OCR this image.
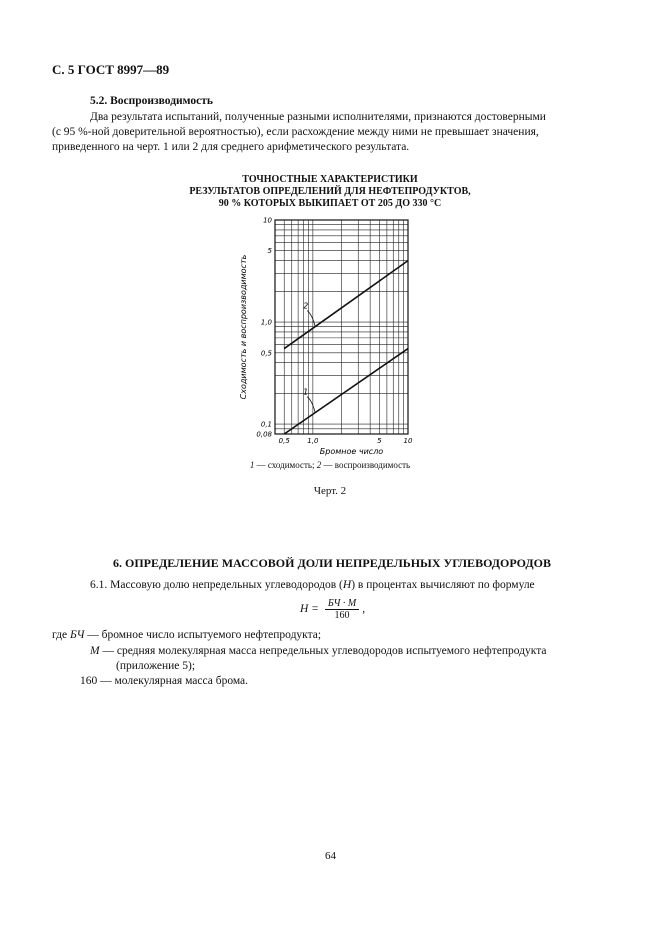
С. 5 ГОСТ 8997—89
5.2. Воспроизводимость
Два результата испытаний, полученные разными исполнителями, признаются достоверными
(с 95 %-ной доверительной вероятностью), если расхождение между ними не превышает значения,
приведенного на черт. 1 или 2 для среднего арифметического результата.
ТОЧНОСТНЫЕ ХАРАКТЕРИСТИКИ
РЕЗУЛЬТАТОВ ОПРЕДЕЛЕНИЙ ДЛЯ НЕФТЕПРОДУКТОВ,
90 % КОТОРЫХ ВЫКИПАЕТ ОТ 205 ДО 330 °С
0,5 1,0	5	10
0,08
0,1
0,5
1,0
5
10
1
2
Сходимость и воспроизводимость
Бромное число
1 — сходимость; 2 — воспроизводимость
Черт. 2
6. ОПРЕДЕЛЕНИЕ МАССОВОЙ ДОЛИ НЕПРЕДЕЛЬНЫХ УГЛЕВОДОРОДОВ
6.1. Массовую долю непредельных углеводородов (Н) в процентах вычисляют по формуле
$Н = \frac{БЧ \cdot М}{160}$ ,
где БЧ — бромное число испытуемого нефтепродукта;
М — средняя молекулярная масса непредельных углеводородов испытуемого нефтепродукта
(приложение 5);
160 — молекулярная масса брома.
64
